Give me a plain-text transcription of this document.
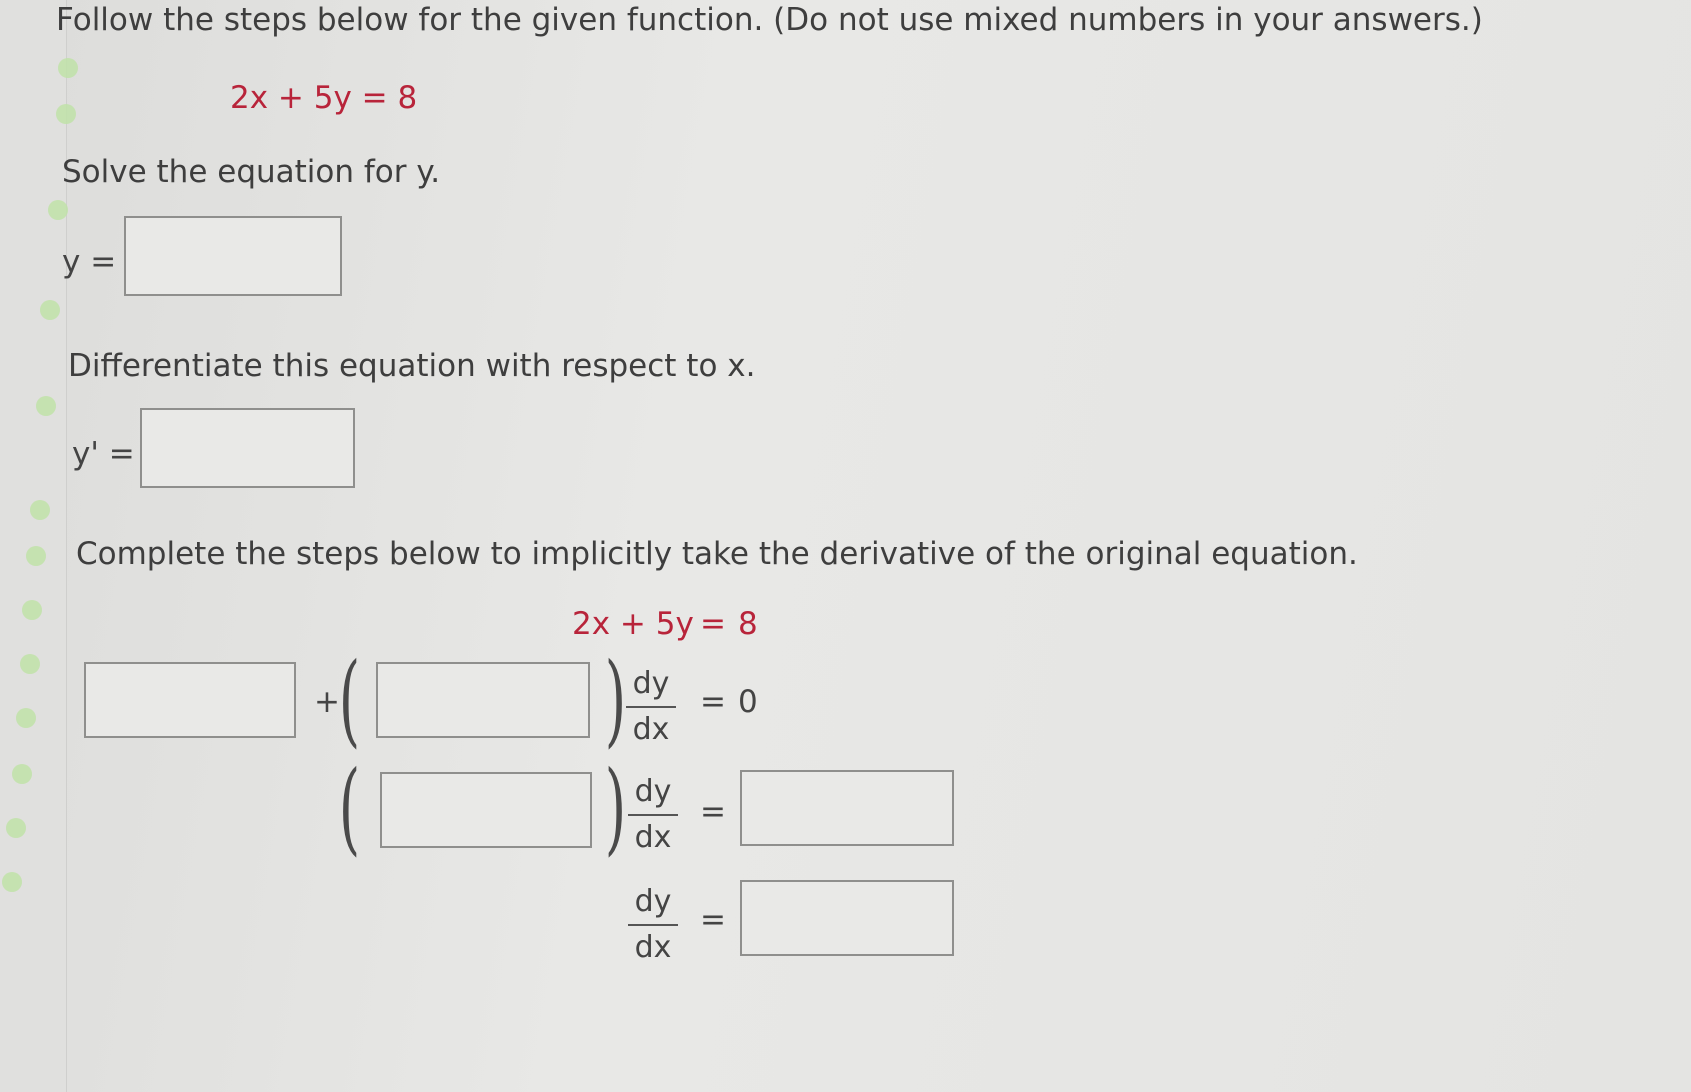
Follow the steps below for the given function. (Do not use mixed numbers in your answers.)
2x + 5y = 8
Solve the equation for y.
y =
Differentiate this equation with respect to x.
y' =
Complete the steps below to implicitly take the derivative of the original equation.
2x + 5y = 8
+
( ) dy
dx
= 0
( ) dy
dx
=
dy
dx
=
